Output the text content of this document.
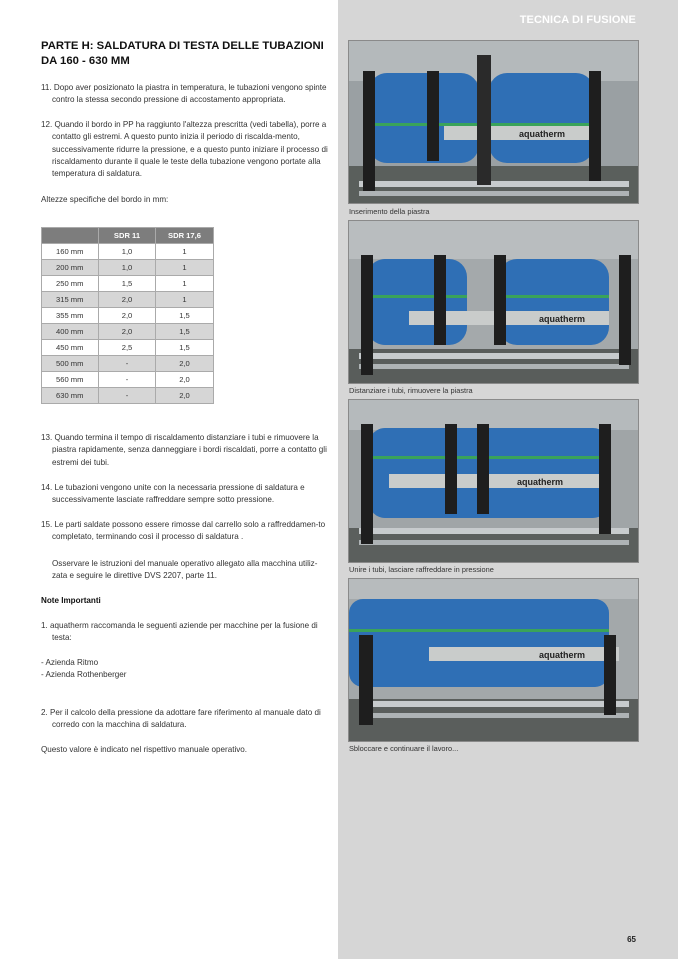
TECNICA DI FUSIONE
PARTE H: SALDATURA DI TESTA DELLE TUBAZIONI DA 160 - 630 MM

11. Dopo aver posizionato la piastra in temperatura, le tubazioni vengono spinte contro la stessa secondo pressione di accostamento appropriata.

12. Quando il bordo in PP ha raggiunto l'altezza prescritta (vedi tabella), porre a contatto gli estremi. A questo punto inizia il periodo di riscalda-mento, successivamente ridurre la pressione, e a questo punto iniziare il processo di riscaldamento durante il quale le teste della tubazione vengono portate alla temperatura di saldatura.

Altezze specifiche del bordo in mm:

	SDR 11	SDR 17,6
160 mm	1,0	1
200 mm	1,0	1
250 mm	1,5	1
315 mm	2,0	1
355 mm	2,0	1,5
400 mm	2,0	1,5
450 mm	2,5	1,5
500 mm	-	2,0
560 mm	-	2,0
630 mm	-	2,0

13. Quando termina il tempo di riscaldamento distanziare i tubi e rimuovere la piastra rapidamente, senza danneggiare i bordi riscaldati, porre a contatto gli estremi dei tubi.

14. Le tubazioni vengono unite con la necessaria pressione di saldatura e successivamente lasciate raffreddare sempre sotto pressione.

15. Le parti saldate possono essere rimosse dal carrello solo a raffreddamen-to completato, terminando così il processo di saldatura .

Osservare le istruzioni del manuale operativo allegato alla macchina utiliz-zata e seguire le direttive DVS 2207, parte 11.

Note Importanti

1. aquatherm raccomanda le seguenti aziende per macchine per la fusione di testa:

- Azienda Ritmo

- Azienda Rothenberger

2. Per il calcolo della pressione da adottare fare riferimento al manuale dato di corredo con la macchina di saldatura.

Questo valore è indicato nel rispettivo manuale operativo.

aquatherm
Inserimento della piastra
aquatherm
Distanziare i tubi, rimuovere la piastra
aquatherm
Unire i tubi, lasciare raffreddare in pressione
aquatherm
Sbloccare e continuare il lavoro...
65
